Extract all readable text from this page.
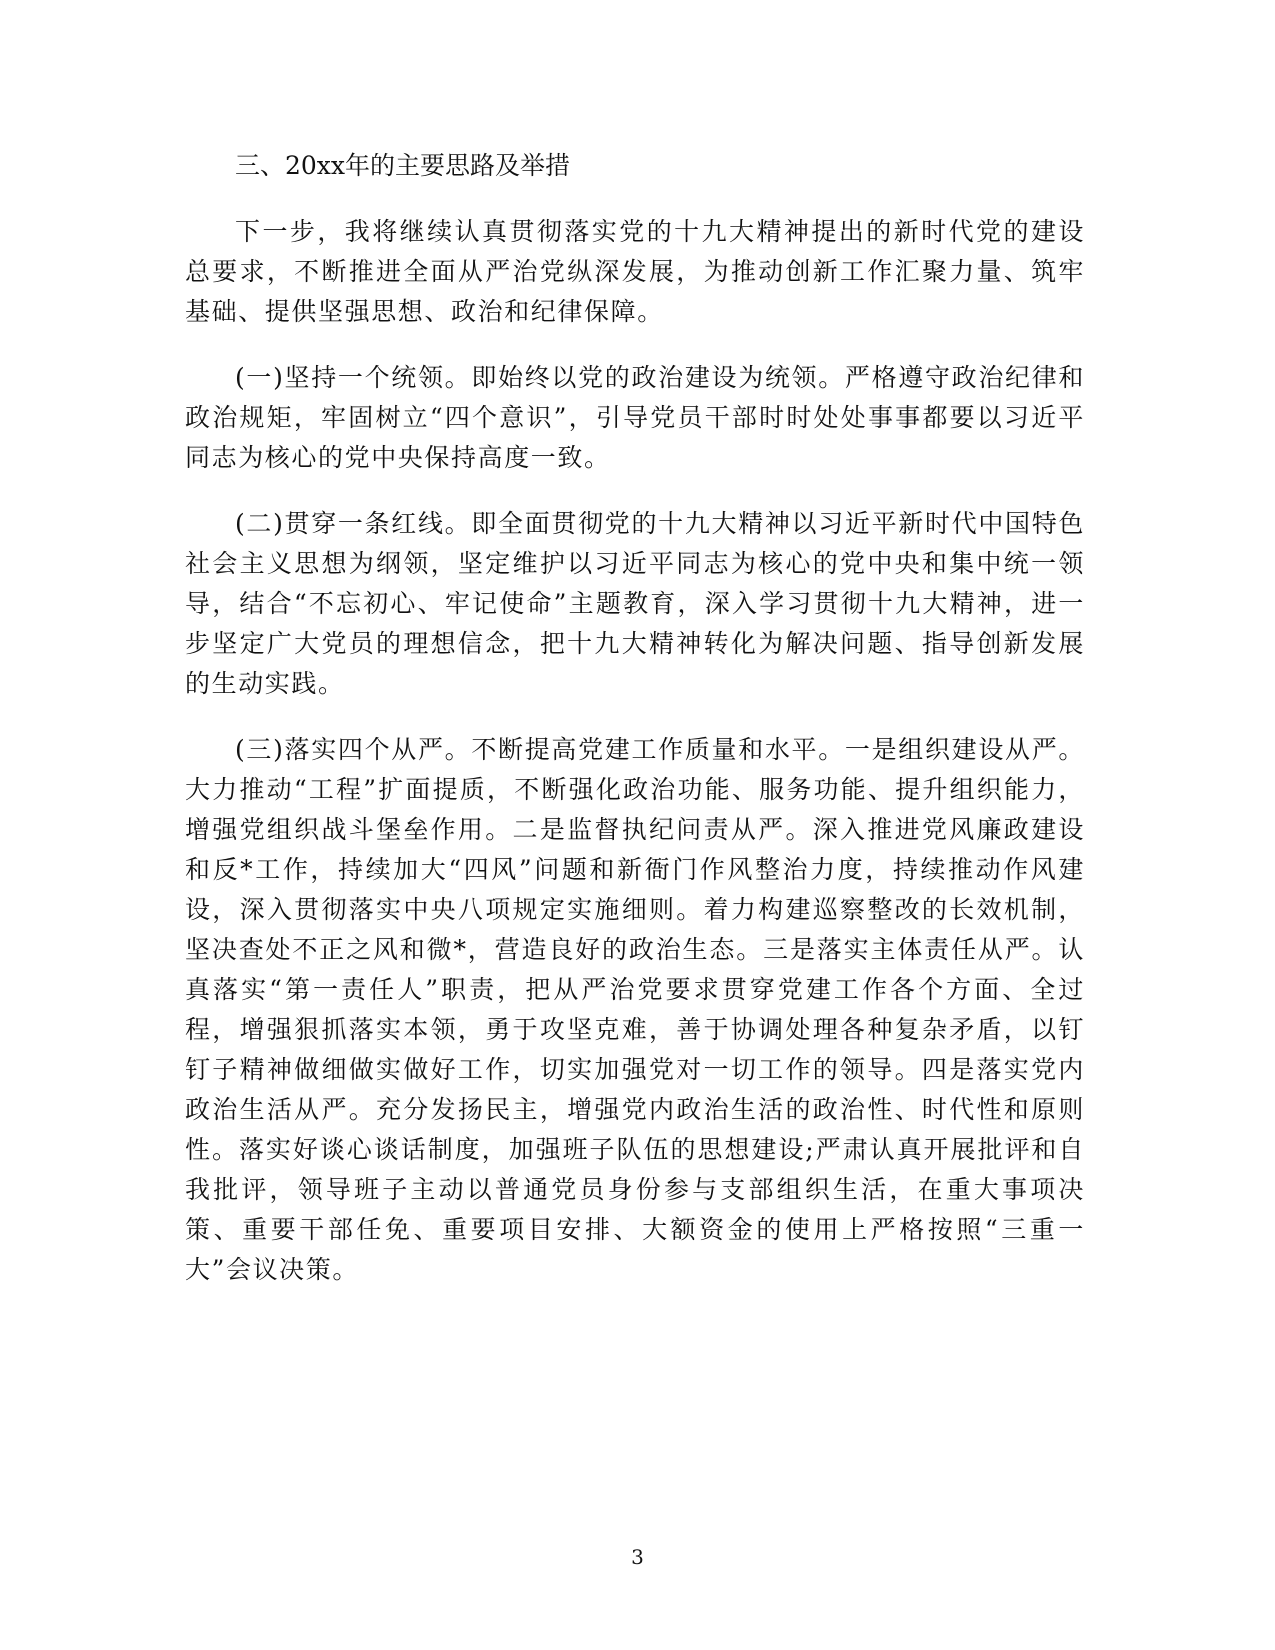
三、20xx年的主要思路及举措

下一步，我将继续认真贯彻落实党的十九大精神提出的新时代党的建设总要求，不断推进全面从严治党纵深发展，为推动创新工作汇聚力量、筑牢基础、提供坚强思想、政治和纪律保障。

(一)坚持一个统领。即始终以党的政治建设为统领。严格遵守政治纪律和政治规矩，牢固树立“四个意识”，引导党员干部时时处处事事都要以习近平同志为核心的党中央保持高度一致。

(二)贯穿一条红线。即全面贯彻党的十九大精神以习近平新时代中国特色社会主义思想为纲领，坚定维护以习近平同志为核心的党中央和集中统一领导，结合“不忘初心、牢记使命”主题教育，深入学习贯彻十九大精神，进一步坚定广大党员的理想信念，把十九大精神转化为解决问题、指导创新发展的生动实践。

(三)落实四个从严。不断提高党建工作质量和水平。一是组织建设从严。大力推动“工程”扩面提质，不断强化政治功能、服务功能、提升组织能力，增强党组织战斗堡垒作用。二是监督执纪问责从严。深入推进党风廉政建设和反*工作，持续加大“四风”问题和新衙门作风整治力度，持续推动作风建设，深入贯彻落实中央八项规定实施细则。着力构建巡察整改的长效机制，坚决查处不正之风和微*，营造良好的政治生态。三是落实主体责任从严。认真落实“第一责任人”职责，把从严治党要求贯穿党建工作各个方面、全过程，增强狠抓落实本领，勇于攻坚克难，善于协调处理各种复杂矛盾，以钉钉子精神做细做实做好工作，切实加强党对一切工作的领导。四是落实党内政治生活从严。充分发扬民主，增强党内政治生活的政治性、时代性和原则性。落实好谈心谈话制度，加强班子队伍的思想建设;严肃认真开展批评和自我批评，领导班子主动以普通党员身份参与支部组织生活，在重大事项决策、重要干部任免、重要项目安排、大额资金的使用上严格按照“三重一大”会议决策。

3
